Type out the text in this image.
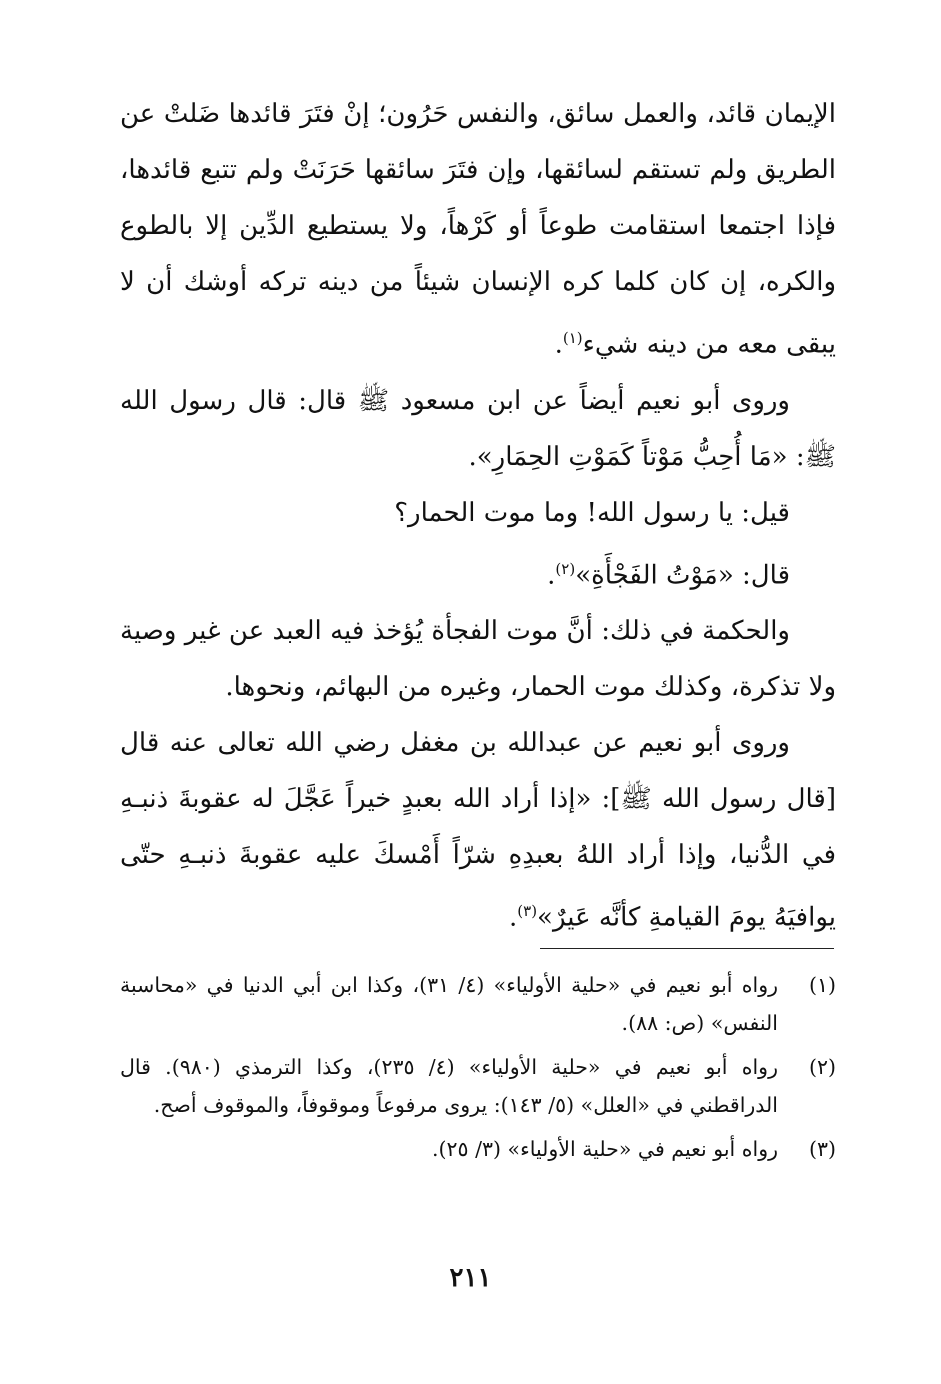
الإيمان قائد، والعمل سائق، والنفس حَرُون؛ إنْ فتَرَ قائدها ضَلتْ عن الطريق ولم تستقم لسائقها، وإن فتَرَ سائقها حَرَنَتْ ولم تتبع قائدها، فإذا اجتمعا استقامت طوعاً أو كَرْهاً، ولا يستطيع الدِّين إلا بالطوع والكره، إن كان كلما كره الإنسان شيئاً من دينه تركه أوشك أن لا يبقى معه من دينه شيء$^{(١)}$.

وروى أبو نعيم أيضاً عن ابن مسعود ﷺ قال: قال رسول الله ﷺ: «مَا أُحِبُّ مَوْتاً كَمَوْتِ الحِمَارِ».

قيل: يا رسول الله! وما موت الحمار؟

قال: «مَوْتُ الفَجْأَةِ»$^{(٢)}$.

والحكمة في ذلك: أنَّ موت الفجأة يُؤخذ فيه العبد عن غير وصية ولا تذكرة، وكذلك موت الحمار، وغيره من البهائم، ونحوها.

وروى أبو نعيم عن عبدالله بن مغفل رضي الله تعالى عنه قال [قال رسول الله ﷺ]: «إذا أراد الله بعبدٍ خيراً عَجَّلَ له عقوبةَ ذنبـهِ في الدُّنيا، وإذا أراد اللهُ بعبدِهِ شرّاً أَمْسكَ عليه عقوبةَ ذنبـهِ حتّى يوافيَهُ يومَ القيامةِ كأنَّه عَيرٌ»$^{(٣)}$.

(١)
رواه أبو نعيم في «حلية الأولياء» (٤/ ٣١)، وكذا ابن أبي الدنيا في «محاسبة النفس» (ص: ٨٨).
(٢)
رواه أبو نعيم في «حلية الأولياء» (٤/ ٢٣٥)، وكذا الترمذي (٩٨٠). قال الدراقطني في «العلل» (٥/ ١٤٣): يروى مرفوعاً وموقوفاً، والموقوف أصح.
(٣)
رواه أبو نعيم في «حلية الأولياء» (٣/ ٢٥).
٢١١
